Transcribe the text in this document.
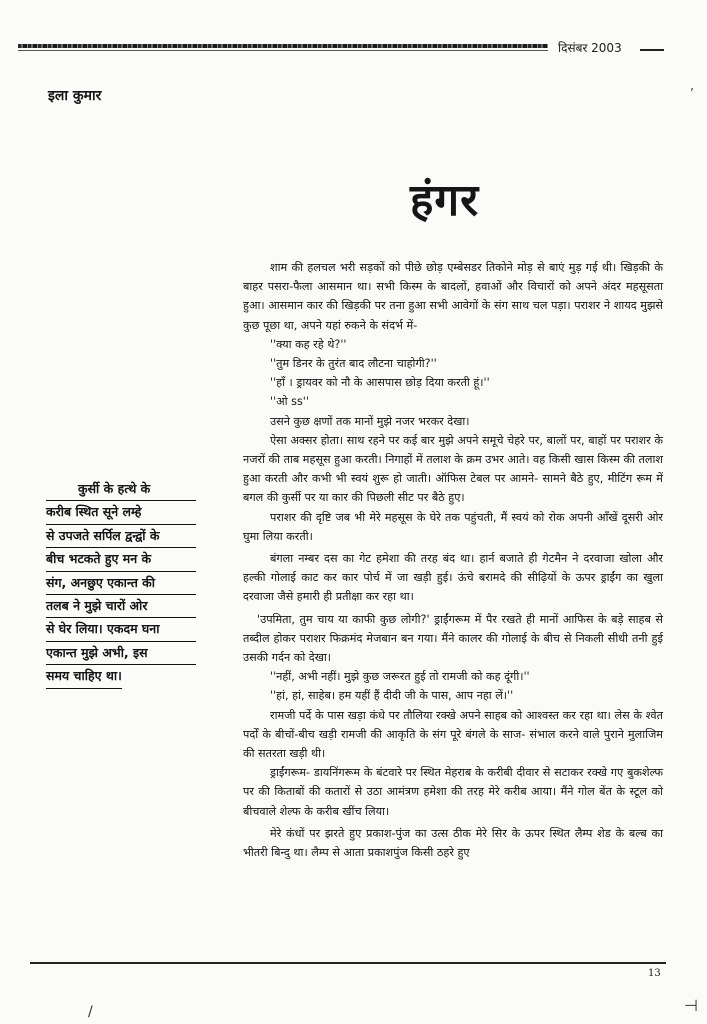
दिसंबर 2003
इला कुमार
हंगर
कुर्सी के हत्थे के
करीब स्थित सूने लम्हे
से उपजते सर्पिल द्वन्द्वों के
बीच भटकते हुए मन के
संग, अनछुए एकान्त की
तलब ने मुझे चारों ओर
से घेर लिया। एकदम घना
एकान्त मुझे अभी, इस
समय चाहिए था।

शाम की हलचल भरी सड़कों को पीछे छोड़ एम्बेसडर तिकोने मोड़ से बाएं मुड़ गई थी। खिड़की के बाहर पसरा-फैला आसमान था। सभी किस्म के बादलों, हवाओं और विचारों को अपने अंदर महसूसता हुआ। आसमान कार की खिड़की पर तना हुआ सभी आवेगों के संग साथ चल पड़ा। पराशर ने शायद मुझसे कुछ पूछा था, अपने यहां रुकने के संदर्भ में-

''क्या कह रहे थे?''

''तुम डिनर के तुरंत बाद लौटना चाहोगी?''

''हाँ । ड्रायवर को नौ के आसपास छोड़ दिया करती हूं।''

''ओ ss''

उसने कुछ क्षणों तक मानों मुझे नजर भरकर देखा।

ऐसा अक्सर होता। साथ रहने पर कई बार मुझे अपने समूचे चेहरे पर, बालों पर, बाहों पर पराशर के नजरों की ताब महसूस हुआ करती। निगाहों में तलाश के क्रम उभर आते। वह किसी खास किस्म की तलाश हुआ करती और कभी भी स्वयं शुरू हो जाती। ऑफिस टेबल पर आमने- सामने बैठे हुए, मीटिंग रूम में बगल की कुर्सी पर या कार की पिछली सीट पर बैठे हुए।

पराशर की दृष्टि जब भी मेरे महसूस के घेरे तक पहुंचती, मैं स्वयं को रोक अपनी आँखें दूसरी ओर घुमा लिया करती।

बंगला नम्बर दस का गेट हमेशा की तरह बंद था। हार्न बजाते ही गेटमैन ने दरवाजा खोला और हल्की गोलाई काट कर कार पोर्च में जा खड़ी हुई। ऊंचे बरामदे की सीढ़ियों के ऊपर ड्राईंग का खुला दरवाजा जैसे हमारी ही प्रतीक्षा कर रहा था।

'उपमिता, तुम चाय या काफी कुछ लोगी?' ड्राईंगरूम में पैर रखते ही मानों आफिस के बड़े साहब से तब्दील होकर पराशर फिक्रमंद मेजबान बन गया। मैंने कालर की गोलाई के बीच से निकली सीधी तनी हुई उसकी गर्दन को देखा।

''नहीं, अभी नहीं। मुझे कुछ जरूरत हुई तो रामजी को कह दूंगी।''

''हां, हां, साहेब। हम यहीं हैं दीदी जी के पास, आप नहा लें।''

रामजी पर्दे के पास खड़ा कंधे पर तौलिया रक्खे अपने साहब को आश्वस्त कर रहा था। लेस के श्वेत पर्दों के बीचों-बीच खड़ी रामजी की आकृति के संग पूरे बंगले के साज- संभाल करने वाले पुराने मुलाजिम की सतरता खड़ी थी।

ड्राईंगरूम- डायनिंगरूम के बंटवारे पर स्थित मेहराब के करीबी दीवार से सटाकर रक्खे गए बुकशेल्फ पर की किताबों की कतारों से उठा आमंत्रण हमेशा की तरह मेरे करीब आया। मैंने गोल बेंत के स्टूल को बीचवाले शेल्फ के करीब खींच लिया।

मेरे कंधों पर झरते हुए प्रकाश-पुंज का उत्स ठीक मेरे सिर के ऊपर स्थित लैम्प शेड के बल्ब का भीतरी बिन्दु था। लैम्प से आता प्रकाशपुंज किसी ठहरे हुए

13
’
/	⊣
